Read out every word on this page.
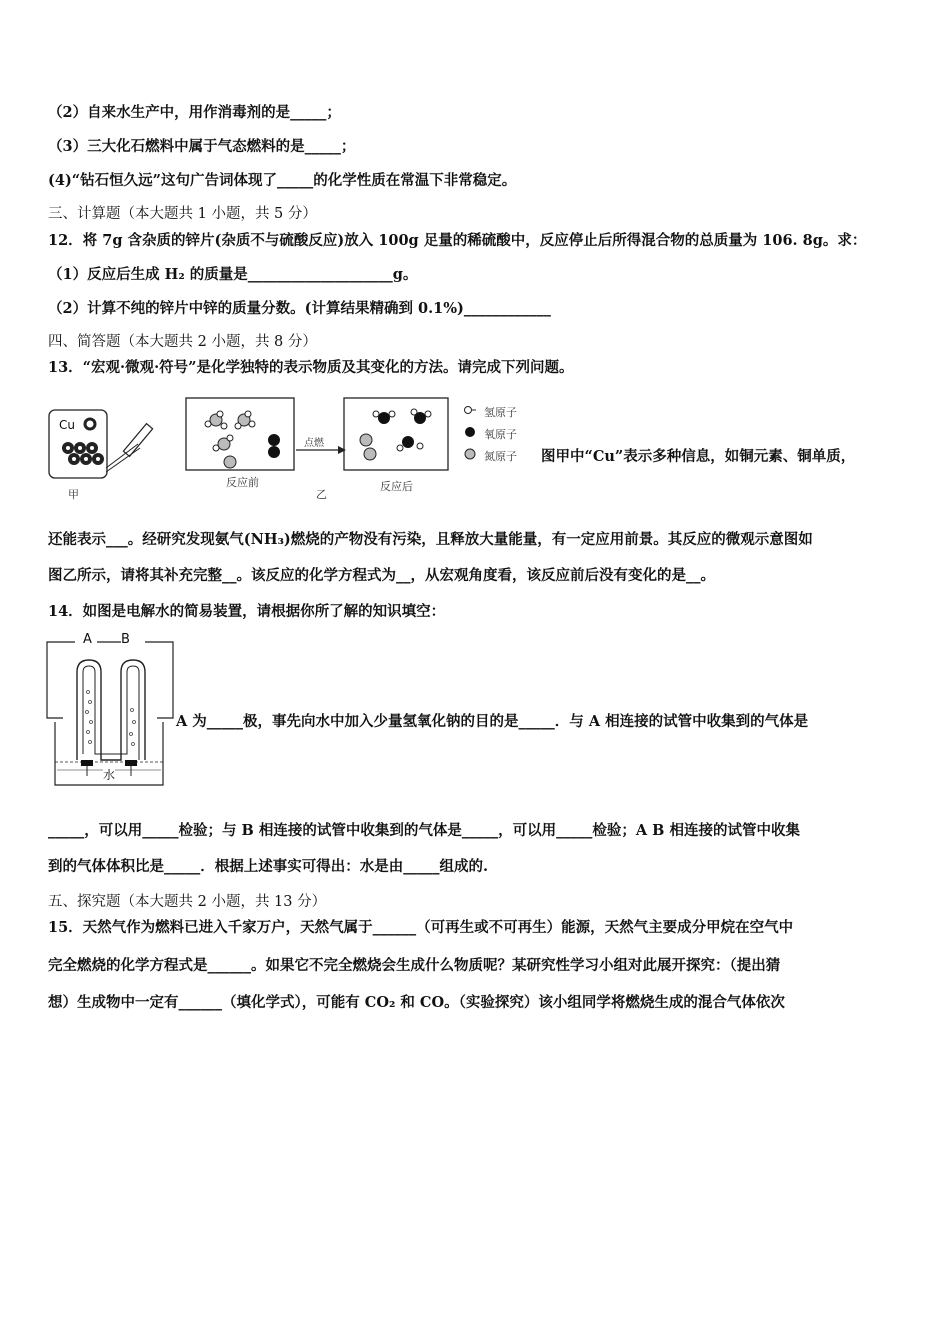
（2）自来水生产中，用作消毒剂的是_____；
（3）三大化石燃料中属于气态燃料的是_____；
(4)“钻石恒久远”这句广告词体现了_____的化学性质在常温下非常稳定。
三、计算题（本大题共 1 小题，共 5 分）
12．将 7g 含杂质的锌片(杂质不与硫酸反应)放入 100g 足量的稀硫酸中，反应停止后所得混合物的总质量为 106. 8g。求：
（1）反应后生成 H₂ 的质量是____________________g。
（2）计算不纯的锌片中锌的质量分数。(计算结果精确到 0.1%)____________
四、简答题（本大题共 2 小题，共 8 分）
13．“宏观·微观·符号”是化学独特的表示物质及其变化的方法。请完成下列问题。
Cu
甲
反应前
点燃
反应后
乙
氢原子
氧原子
氮原子 图甲中“Cu”表示多种信息，如铜元素、铜单质，
还能表示___。经研究发现氨气(NH₃)燃烧的产物没有污染，且释放大量能量，有一定应用前景。其反应的微观示意图如
图乙所示，请将其补充完整__。该反应的化学方程式为__，从宏观角度看，该反应前后没有变化的是__。
14．如图是电解水的简易装置，请根据你所了解的知识填空：
A B
水
A 为_____极，事先向水中加入少量氢氧化钠的目的是_____．与 A 相连接的试管中收集到的气体是
_____，可以用_____检验；与 B 相连接的试管中收集到的气体是_____，可以用_____检验；A B 相连接的试管中收集
到的气体体积比是_____．根据上述事实可得出：水是由_____组成的.
五、探究题（本大题共 2 小题，共 13 分）
15．天然气作为燃料已进入千家万户，天然气属于______（可再生或不可再生）能源，天然气主要成分甲烷在空气中
完全燃烧的化学方程式是______。如果它不完全燃烧会生成什么物质呢？某研究性学习小组对此展开探究：（提出猜
想）生成物中一定有______（填化学式），可能有 CO₂ 和 CO。（实验探究）该小组同学将燃烧生成的混合气体依次
